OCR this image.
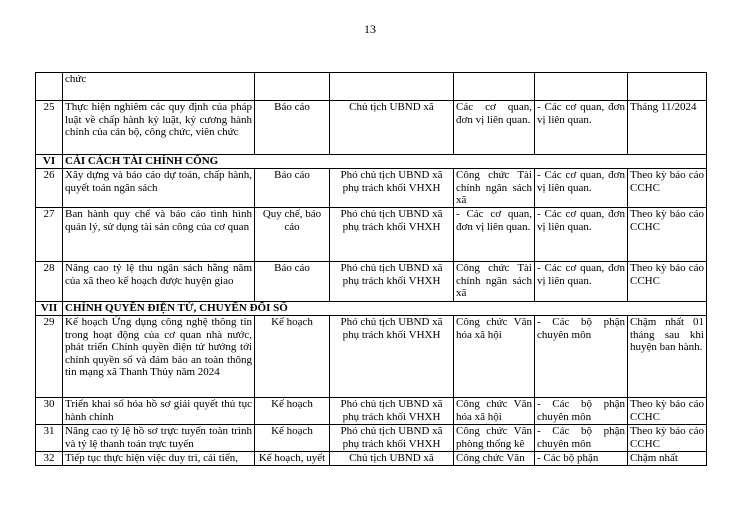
13
	chức					
25	Thực hiện nghiêm các quy định của pháp luật về chấp hành kỷ luật, kỷ cương hành chính của cán bộ, công chức, viên chức	Báo cáo	Chủ tịch UBND xã	Các cơ quan, đơn vị liên quan.	- Các cơ quan, đơn vị liên quan.	Tháng 11/2024
VI	CẢI CÁCH TÀI CHÍNH CÔNG					
26	Xây dựng và báo cáo dự toán, chấp hành, quyết toán ngân sách	Báo cáo	Phó chủ tịch UBND xã phụ trách khối VHXH	Công chức Tài chính ngân sách xã	- Các cơ quan, đơn vị liên quan.	Theo kỳ báo cáo CCHC
27	Ban hành quy chế và báo cáo tình hình quản lý, sử dụng tài sản công của cơ quan	Quy chế, báo cáo	Phó chủ tịch UBND xã phụ trách khối VHXH	- Các cơ quan, đơn vị liên quan.	- Các cơ quan, đơn vị liên quan.	Theo kỳ báo cáo CCHC
28	Nâng cao tỷ lệ thu ngân sách hằng năm của xã theo kế hoạch được huyện giao	Báo cáo	Phó chủ tịch UBND xã phụ trách khối VHXH	Công chức Tài chính ngân sách xã	- Các cơ quan, đơn vị liên quan.	Theo kỳ báo cáo CCHC
VII	CHÍNH QUYỀN ĐIỆN TỬ, CHUYỂN ĐỔI SỐ					
29	Kế hoạch Ứng dụng công nghệ thông tin trong hoạt động của cơ quan nhà nước, phát triển Chính quyền điện tử hướng tới chính quyền số và đảm bảo an toàn thông tin mạng xã Thanh Thủy năm 2024	Kế hoạch	Phó chủ tịch UBND xã phụ trách khối VHXH	Công chức Văn hóa xã hội	- Các bộ phận chuyên môn	Chậm nhất 01 tháng sau khi huyện ban hành.
30	Triển khai số hóa hồ sơ giải quyết thủ tục hành chính	Kế hoạch	Phó chủ tịch UBND xã phụ trách khối VHXH	Công chức Văn hóa xã hội	- Các bộ phận chuyên môn	Theo kỳ báo cáo CCHC
31	Nâng cao tỷ lệ hồ sơ trực tuyến toàn trình và tỷ lệ thanh toán trực tuyến	Kế hoạch	Phó chủ tịch UBND xã phụ trách khối VHXH	Công chức Văn phòng thống kê	- Các bộ phận chuyên môn	Theo kỳ báo cáo CCHC
32	Tiếp tục thực hiện việc duy trì, cải tiến,	Kế hoạch, uyết	Chủ tịch UBND xã	Công chức Văn	- Các bộ phận	Chậm nhất
